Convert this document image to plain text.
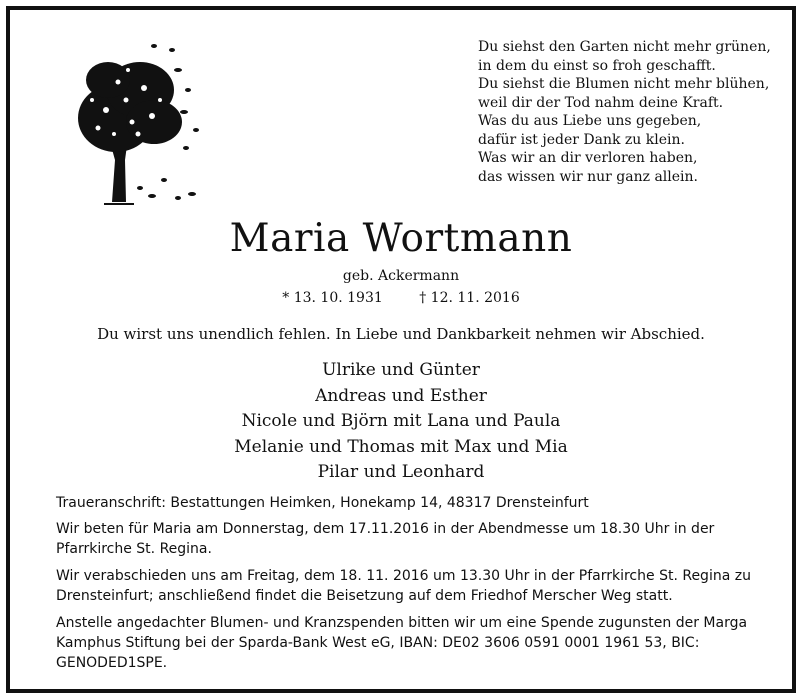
Du siehst den Garten nicht mehr grünen,
in dem du einst so froh geschafft.
Du siehst die Blumen nicht mehr blühen,
weil dir der Tod nahm deine Kraft.
Was du aus Liebe uns gegeben,
dafür ist jeder Dank zu klein.
Was wir an dir verloren haben,
das wissen wir nur ganz allein.
Maria Wortmann
geb. Ackermann
* 13. 10. 1931	† 12. 11. 2016
Du wirst uns unendlich fehlen. In Liebe und Dankbarkeit nehmen wir Abschied.
Ulrike und Günter
Andreas und Esther
Nicole und Björn mit Lana und Paula
Melanie und Thomas mit Max und Mia
Pilar und Leonhard
Traueranschrift: Bestattungen Heimken, Honekamp 14, 48317 Drensteinfurt
Wir beten für Maria am Donnerstag, dem 17.11.2016 in der Abendmesse um 18.30 Uhr in der Pfarrkirche St. Regina.
Wir verabschieden uns am Freitag, dem 18. 11. 2016 um 13.30 Uhr in der Pfarrkirche St. Regina zu Drensteinfurt; anschließend findet die Beisetzung auf dem Friedhof Merscher Weg statt.
Anstelle angedachter Blumen- und Kranzspenden bitten wir um eine Spende zugunsten der Marga Kamphus Stiftung bei der Sparda-Bank West eG, IBAN: DE02 3606 0591 0001 1961 53, BIC: GENODED1SPE.
